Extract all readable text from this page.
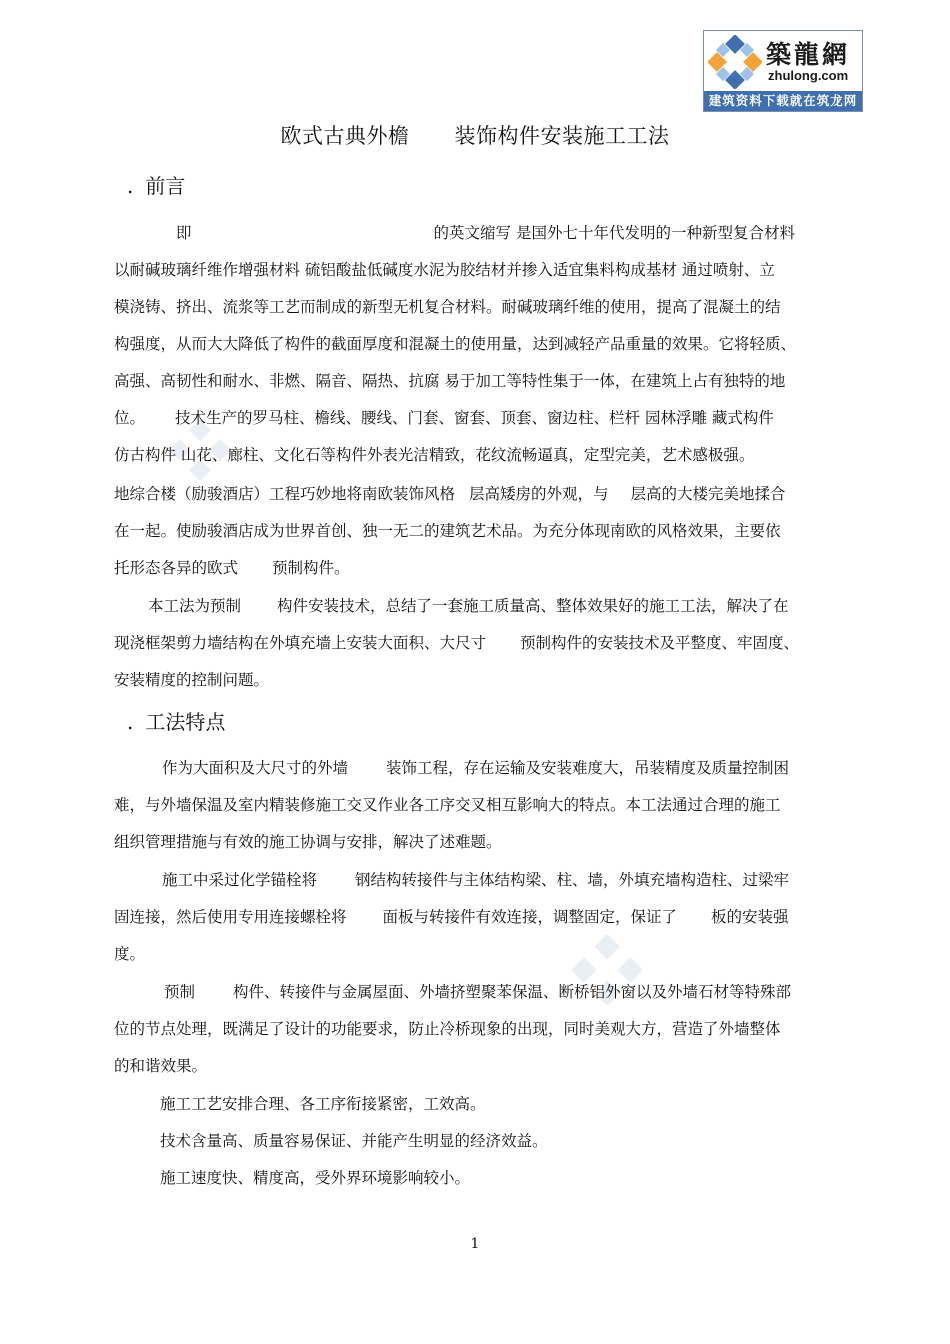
築龍網
zhulong.com
建筑资料下载就在筑龙网
欧式古典外檐 装饰构件安装施工工法
. 前言
即	的英文缩写 是国外七十年代发明的一种新型复合材料
以耐碱玻璃纤维作增强材料 硫铝酸盐低碱度水泥为胶结材并掺入适宜集料构成基材 通过喷射、立
模浇铸、挤出、流浆等工艺而制成的新型无机复合材料。耐碱玻璃纤维的使用，提高了混凝土的结
构强度，从而大大降低了构件的截面厚度和混凝土的使用量，达到减轻产品重量的效果。它将轻质、
高强、高韧性和耐水、非燃、隔音、隔热、抗腐 易于加工等特性集于一体，在建筑上占有独特的地
位。 技术生产的罗马柱、檐线、腰线、门套、窗套、顶套、窗边柱、栏杆 园林浮雕 藏式构件
仿古构件 山花、廊柱、文化石等构件外表光洁精致，花纹流畅逼真，定型完美，艺术感极强。
地综合楼（励骏酒店）工程巧妙地将南欧装饰风格 层高矮房的外观，与 层高的大楼完美地揉合
在一起。使励骏酒店成为世界首创、独一无二的建筑艺术品。为充分体现南欧的风格效果，主要依
托形态各异的欧式 预制构件。
本工法为预制 构件安装技术，总结了一套施工质量高、整体效果好的施工工法，解决了在
现浇框架剪力墙结构在外填充墙上安装大面积、大尺寸 预制构件的安装技术及平整度、牢固度、
安装精度的控制问题。
. 工法特点
作为大面积及大尺寸的外墙 装饰工程，存在运输及安装难度大，吊装精度及质量控制困
难，与外墙保温及室内精装修施工交叉作业各工序交叉相互影响大的特点。本工法通过合理的施工
组织管理措施与有效的施工协调与安排，解决了述难题。
施工中采过化学锚栓将 钢结构转接件与主体结构梁、柱、墙，外填充墙构造柱、过梁牢
固连接，然后使用专用连接螺栓将 面板与转接件有效连接，调整固定，保证了 板的安装强
度。
预制 构件、转接件与金属屋面、外墙挤塑聚苯保温、断桥铝外窗以及外墙石材等特殊部
位的节点处理，既满足了设计的功能要求，防止冷桥现象的出现，同时美观大方，营造了外墙整体
的和谐效果。
施工工艺安排合理、各工序衔接紧密，工效高。
技术含量高、质量容易保证、并能产生明显的经济效益。
施工速度快、精度高，受外界环境影响较小。
1
